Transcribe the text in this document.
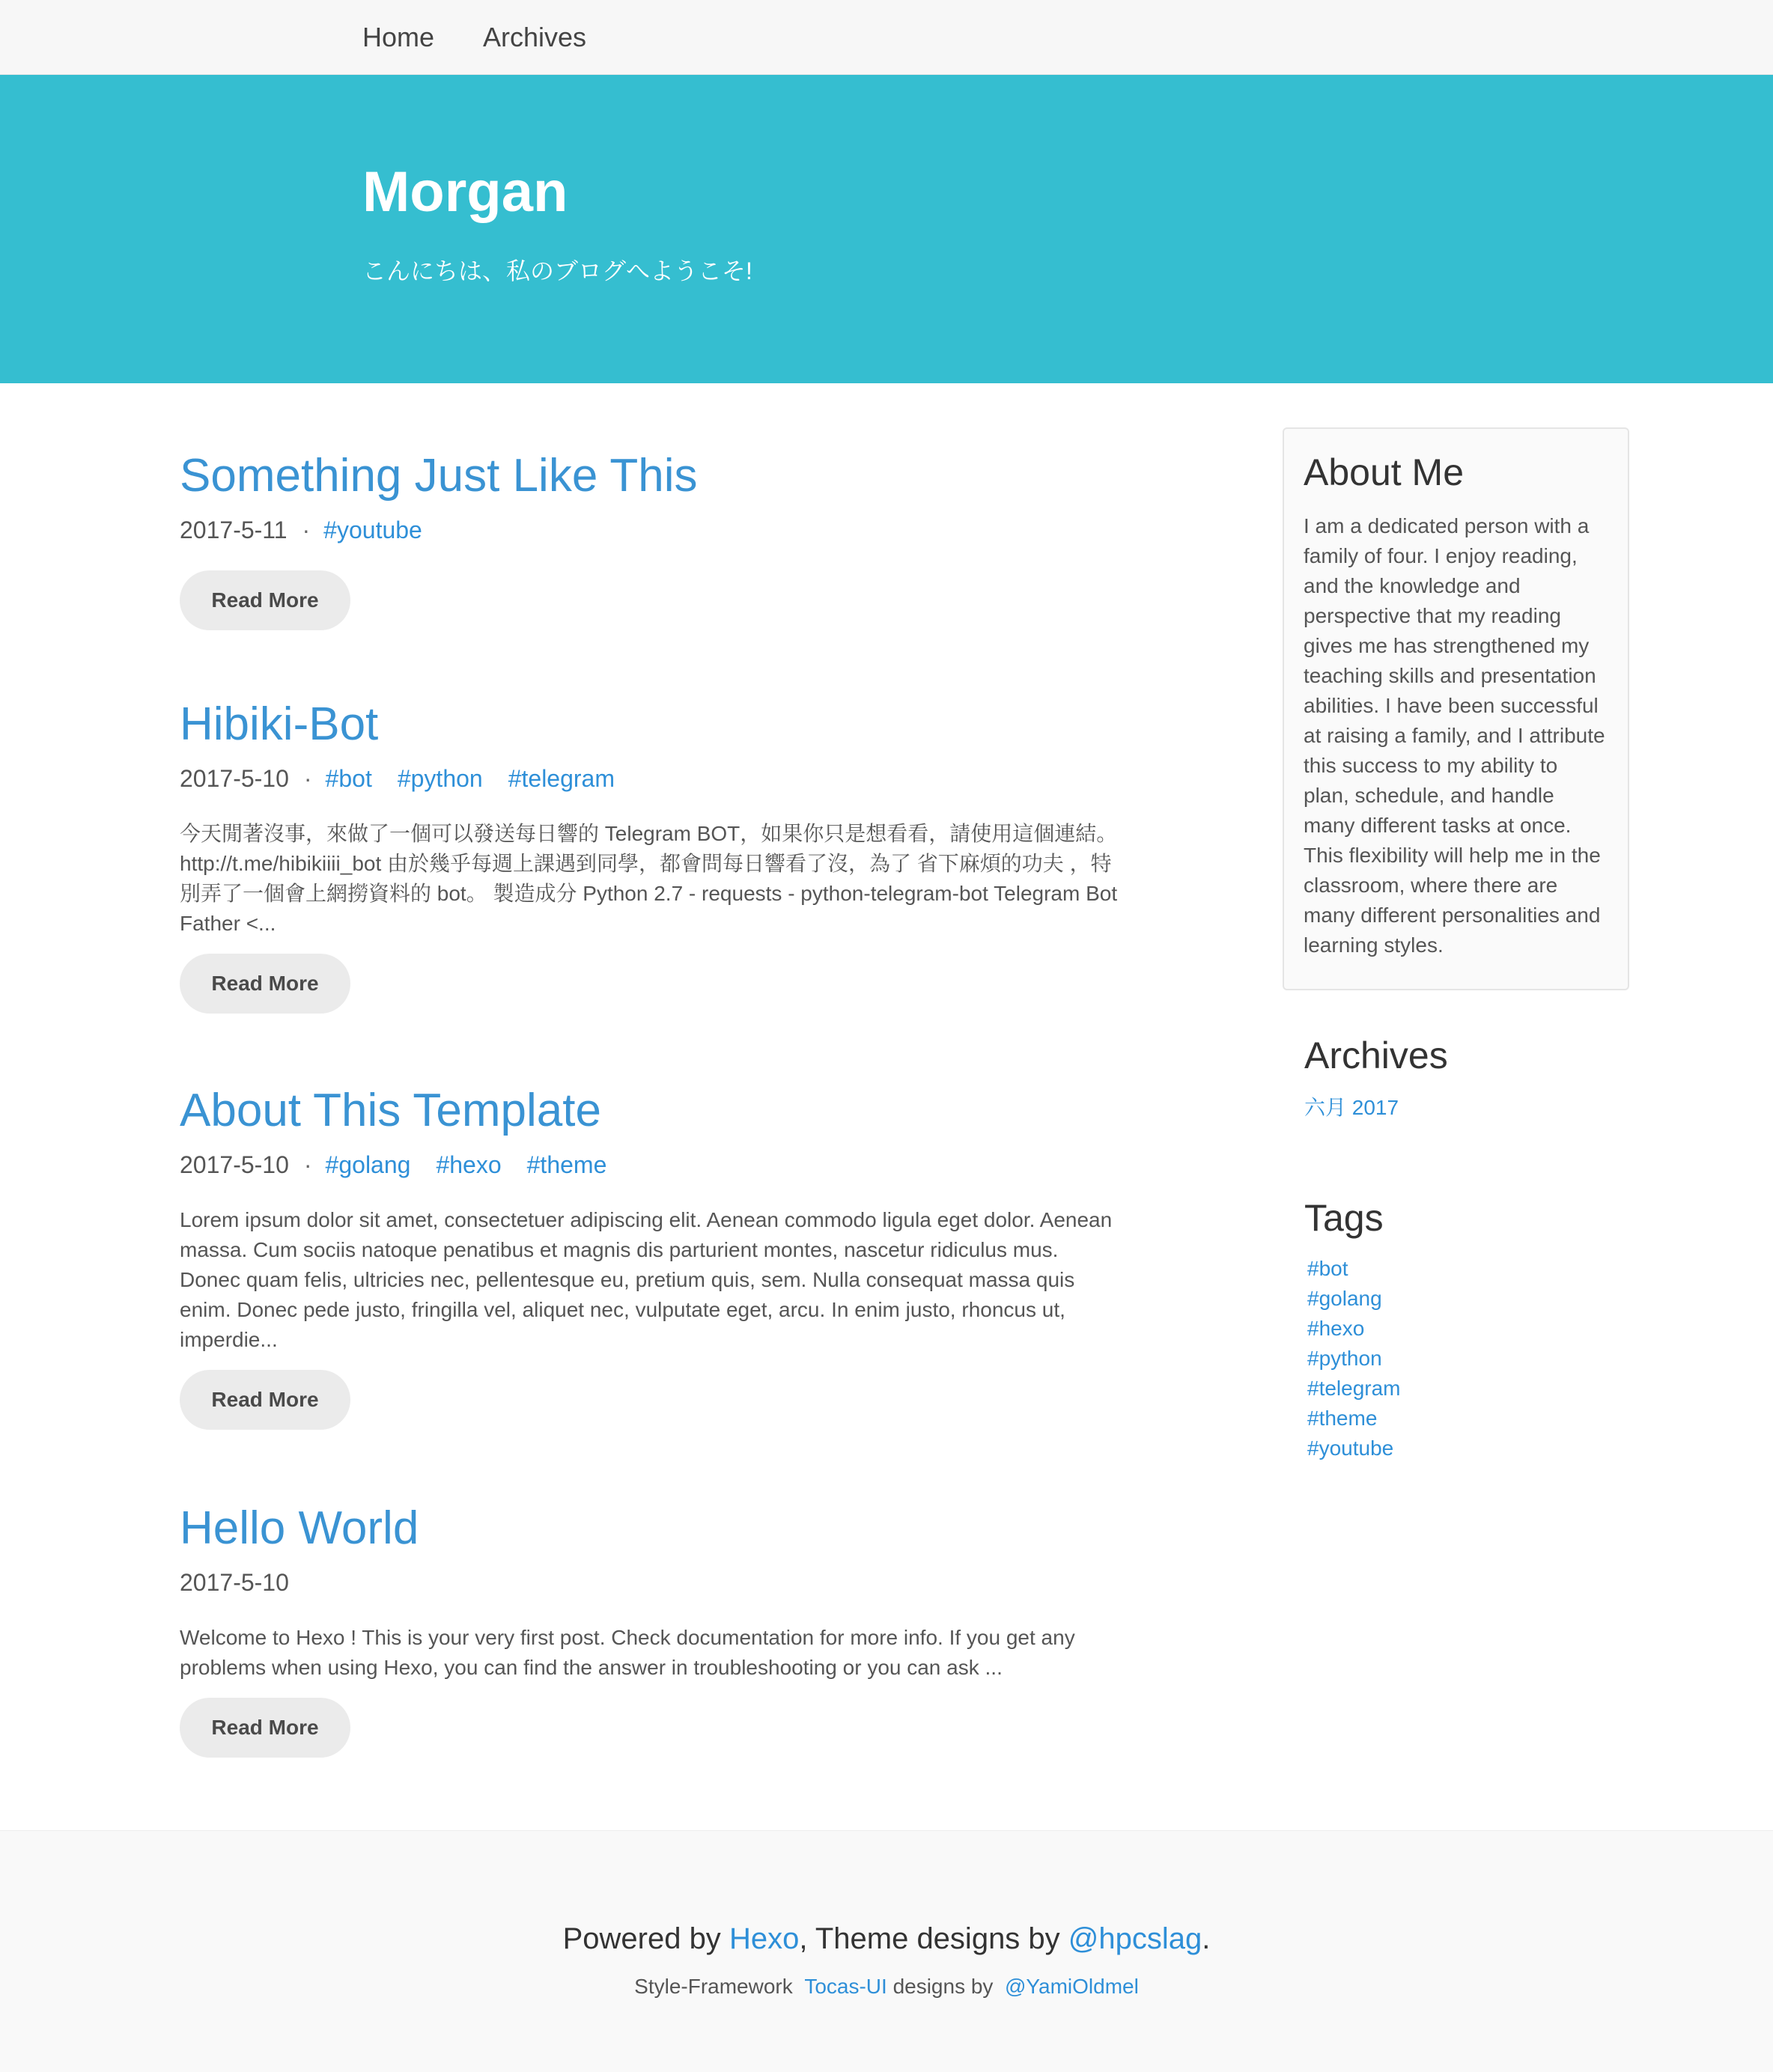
Home Archives
Morgan
こんにちは、私のブログへようこそ!
Something Just Like This
2017-5-11 · #youtube
Read More
Hibiki-Bot
2017-5-10 · #bot #python #telegram
今天閒著沒事，來做了一個可以發送每日響的 Telegram BOT，如果你只是想看看，請使用這個連結。 http://t.me/hibikiiii_bot 由於幾乎每週上課遇到同學，都會問每日響看了沒，為了 省下麻煩的功夫 ，特別弄了一個會上網撈資料的 bot。 製造成分 Python 2.7 - requests - python-telegram-bot Telegram Bot Father <...
Read More
About This Template
2017-5-10 · #golang #hexo #theme
Lorem ipsum dolor sit amet, consectetuer adipiscing elit. Aenean commodo ligula eget dolor. Aenean massa. Cum sociis natoque penatibus et magnis dis parturient montes, nascetur ridiculus mus. Donec quam felis, ultricies nec, pellentesque eu, pretium quis, sem. Nulla consequat massa quis enim. Donec pede justo, fringilla vel, aliquet nec, vulputate eget, arcu. In enim justo, rhoncus ut, imperdie...
Read More
Hello World
2017-5-10
Welcome to Hexo ! This is your very first post. Check documentation for more info. If you get any problems when using Hexo, you can find the answer in troubleshooting or you can ask ...
Read More
About Me

I am a dedicated person with a family of four. I enjoy reading, and the knowledge and perspective that my reading gives me has strengthened my teaching skills and presentation abilities. I have been successful at raising a family, and I attribute this success to my ability to plan, schedule, and handle many different tasks at once. This flexibility will help me in the classroom, where there are many different personalities and learning styles.

Archives
六月 2017
Tags
#bot
#golang
#hexo
#python
#telegram
#theme
#youtube
Powered by Hexo, Theme designs by @hpcslag.
Style-Framework Tocas-UI designs by @YamiOldmel
